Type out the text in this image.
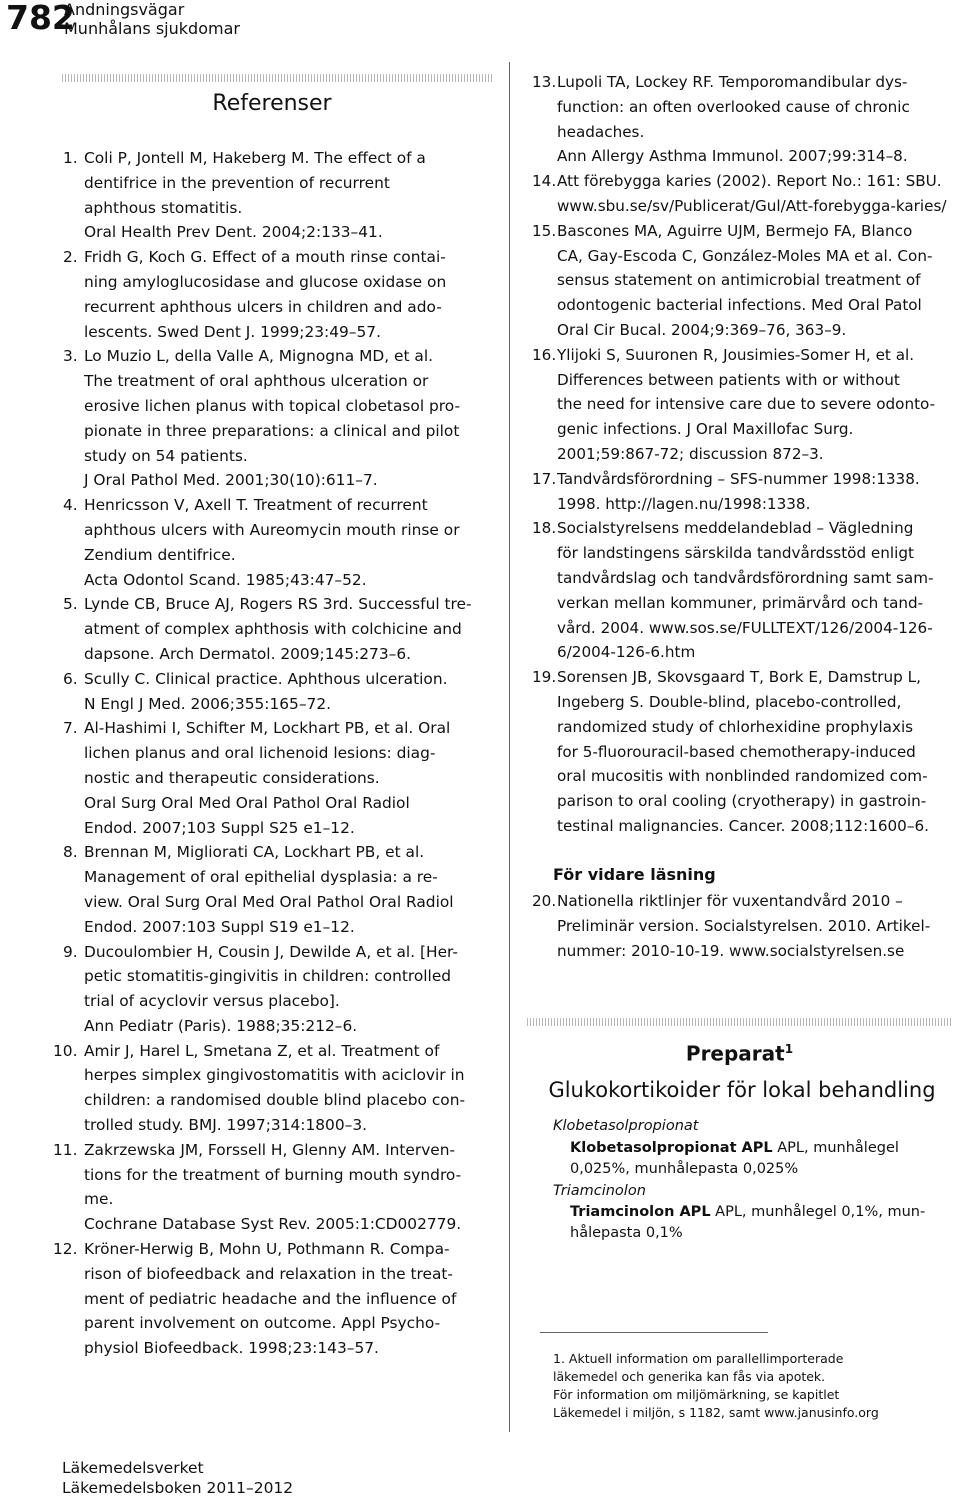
782
Andningsvägar
Munhålans sjukdomar
Referenser
1. Coli P, Jontell M, Hakeberg M. The effect of a
dentifrice in the prevention of recurrent
aphthous stomatitis.
Oral Health Prev Dent. 2004;2:133–41.
2. Fridh G, Koch G. Effect of a mouth rinse contai-
ning amyloglucosidase and glucose oxidase on
recurrent aphthous ulcers in children and ado-
lescents. Swed Dent J. 1999;23:49–57.
3. Lo Muzio L, della Valle A, Mignogna MD, et al.
The treatment of oral aphthous ulceration or
erosive lichen planus with topical clobetasol pro-
pionate in three preparations: a clinical and pilot
study on 54 patients.
J Oral Pathol Med. 2001;30(10):611–7.
4. Henricsson V, Axell T. Treatment of recurrent
aphthous ulcers with Aureomycin mouth rinse or
Zendium dentifrice.
Acta Odontol Scand. 1985;43:47–52.
5. Lynde CB, Bruce AJ, Rogers RS 3rd. Successful tre-
atment of complex aphthosis with colchicine and
dapsone. Arch Dermatol. 2009;145:273–6.
6. Scully C. Clinical practice. Aphthous ulceration.
N Engl J Med. 2006;355:165–72.
7. Al-Hashimi I, Schifter M, Lockhart PB, et al. Oral
lichen planus and oral lichenoid lesions: diag-
nostic and therapeutic considerations.
Oral Surg Oral Med Oral Pathol Oral Radiol
Endod. 2007;103 Suppl S25 e1–12.
8. Brennan M, Migliorati CA, Lockhart PB, et al.
Management of oral epithelial dysplasia: a re-
view. Oral Surg Oral Med Oral Pathol Oral Radiol
Endod. 2007:103 Suppl S19 e1–12.
9. Ducoulombier H, Cousin J, Dewilde A, et al. [Her-
petic stomatitis-gingivitis in children: controlled
trial of acyclovir versus placebo].
Ann Pediatr (Paris). 1988;35:212–6.
10. Amir J, Harel L, Smetana Z, et al. Treatment of
herpes simplex gingivostomatitis with aciclovir in
children: a randomised double blind placebo con-
trolled study. BMJ. 1997;314:1800–3.
11. Zakrzewska JM, Forssell H, Glenny AM. Interven-
tions for the treatment of burning mouth syndro-
me.
Cochrane Database Syst Rev. 2005:1:CD002779.
12. Kröner-Herwig B, Mohn U, Pothmann R. Compa-
rison of biofeedback and relaxation in the treat-
ment of pediatric headache and the influence of
parent involvement on outcome. Appl Psycho-
physiol Biofeedback. 1998;23:143–57.
13. Lupoli TA, Lockey RF. Temporomandibular dys-
function: an often overlooked cause of chronic
headaches.
Ann Allergy Asthma Immunol. 2007;99:314–8.
14. Att förebygga karies (2002). Report No.: 161: SBU.
www.sbu.se/sv/Publicerat/Gul/Att-forebygga-karies/
15. Bascones MA, Aguirre UJM, Bermejo FA, Blanco
CA, Gay-Escoda C, González-Moles MA et al. Con-
sensus statement on antimicrobial treatment of
odontogenic bacterial infections. Med Oral Patol
Oral Cir Bucal. 2004;9:369–76, 363–9.
16. Ylijoki S, Suuronen R, Jousimies-Somer H, et al.
Differences between patients with or without
the need for intensive care due to severe odonto-
genic infections. J Oral Maxillofac Surg.
2001;59:867-72; discussion 872–3.
17. Tandvårdsförordning – SFS-nummer 1998:1338.
1998. http://lagen.nu/1998:1338.
18. Socialstyrelsens meddelandeblad – Vägledning
för landstingens särskilda tandvårdsstöd enligt
tandvårdslag och tandvårdsförordning samt sam-
verkan mellan kommuner, primärvård och tand-
vård. 2004. www.sos.se/FULLTEXT/126/2004-126-
6/2004-126-6.htm
19. Sorensen JB, Skovsgaard T, Bork E, Damstrup L,
Ingeberg S. Double-blind, placebo-controlled,
randomized study of chlorhexidine prophylaxis
for 5-fluorouracil-based chemotherapy-induced
oral mucositis with nonblinded randomized com-
parison to oral cooling (cryotherapy) in gastroin-
testinal malignancies. Cancer. 2008;112:1600–6.
För vidare läsning
20. Nationella riktlinjer för vuxentandvård 2010 –
Preliminär version. Socialstyrelsen. 2010. Artikel-
nummer: 2010-10-19. www.socialstyrelsen.se
Preparat$^1$
Glukokortikoider för lokal behandling
Klobetasolpropionat
Klobetasolpropionat APL APL, munhålegel
0,025%, munhålepasta 0,025%
Triamcinolon
Triamcinolon APL APL, munhålegel 0,1%, mun-
hålepasta 0,1%
1. Aktuell information om parallellimporterade
läkemedel och generika kan fås via apotek.
För information om miljömärkning, se kapitlet
Läkemedel i miljön, s 1182, samt www.janusinfo.org
Läkemedelsverket
Läkemedelsboken 2011–2012
